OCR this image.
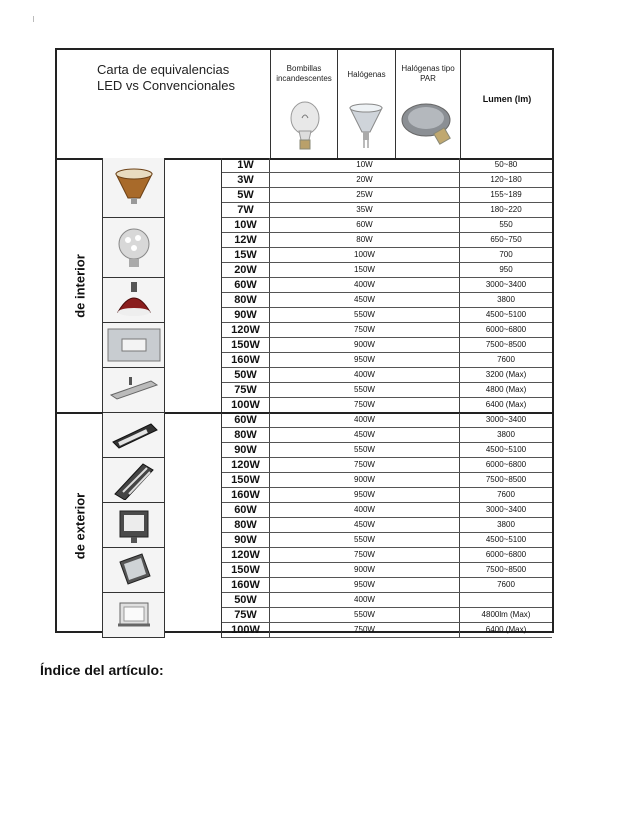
Carta de equivalencias
LED vs Convencionales
Bombillas incandescentes	Halógenas
Halógenas tipo PAR
Lumen (lm)
de interior
1W	10W	50~80
3W	20W	120~180
5W	25W	155~189
7W	35W	180~220
10W	60W	550
12W	80W	650~750
15W	100W	700
20W	150W	950
60W	400W	3000~3400
80W	450W	3800
90W	550W	4500~5100
120W	750W	6000~6800
150W	900W	7500~8500
160W	950W	7600
50W	400W	3200 (Max)
75W	550W	4800 (Max)
100W	750W	6400 (Max)
de exterior
60W	400W	3000~3400
80W	450W	3800
90W	550W	4500~5100
120W	750W	6000~6800
150W	900W	7500~8500
160W	950W	7600
60W	400W	3000~3400
80W	450W	3800
90W	550W	4500~5100
120W	750W	6000~6800
150W	900W	7500~8500
160W	950W	7600
50W	400W
75W	550W	4800lm (Max)
100W	750W	6400 (Max)
Índice del artículo:
